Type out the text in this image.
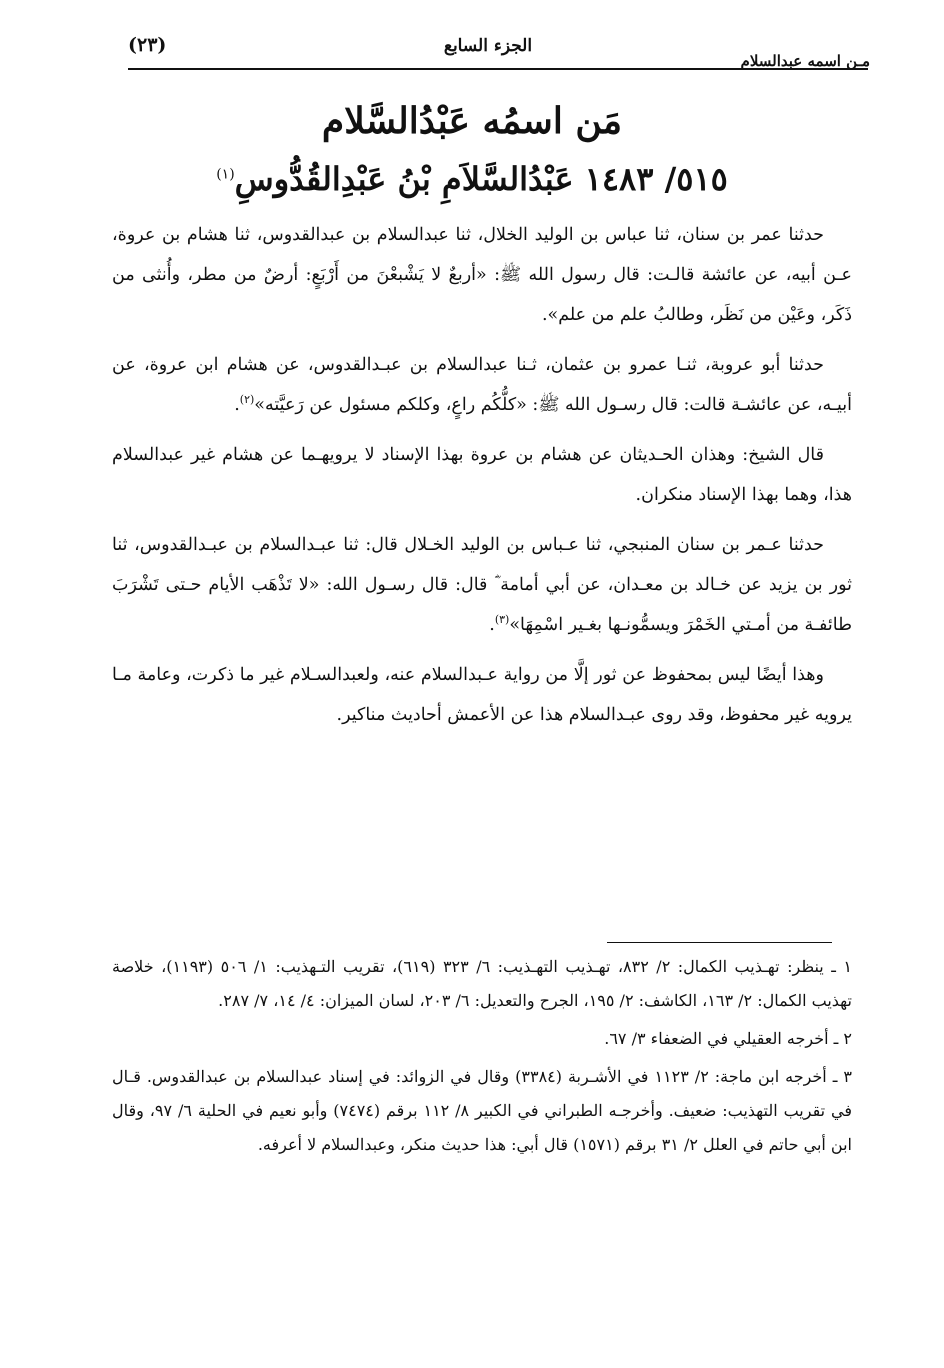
مـن اسمه عبدالسلام
الجزء السابع
(٢٣)
مَن اسمُه عَبْدُالسَّلام
٥١٥/ ١٤٨٣ عَبْدُالسَّلاَمِ بْنُ عَبْدِالقُدُّوسِ$^{(١)}$

حدثنا عمر بن سنان، ثنا عباس بن الوليد الخلال، ثنا عبدالسلام بن عبدالقدوس، ثنا هشام بن عروة، عـن أبيه، عن عائشة قالـت: قال رسول الله ﷺ: «أربعٌ لا يَشْبعْنَ من أَرْبَعٍ: أرضٌ من مطر، وأُنثى من ذَكَر، وعَيْن من نَظَر، وطالبُ علم من علم».

حدثنا أبو عروبة، ثنـا عمرو بن عثمان، ثـنا عبدالسلام بن عبـدالقدوس، عن هشام ابن عروة، عن أبيـه، عن عائشـة قالت: قال رسـول الله ﷺ: «كلُّكُم راعٍ، وكلكم مسئول عن رَعيَّته»$^{(٢)}$.

قال الشيخ: وهذان الحـديثان عن هشام بن عروة بهذا الإسناد لا يرويهـما عن هشام غير عبدالسلام هذا، وهما بهذا الإسناد منكران.

حدثنا عـمر بن سنان المنبجي، ثنا عـباس بن الوليد الخـلال قال: ثنا عبـدالسلام بن عبـدالقدوس، ثنا ثور بن يزيد عن خـالد بن معـدان، عن أبي أمامة ؓ قال: قال رسـول الله: «لا تَذْهَب الأيام حـتى تَشْرَبَ طائفـة من أمـتي الخَمْرَ ويسمُّونـها بغـير اسْمِهَا»$^{(٣)}$.

وهذا أيضًا ليس بمحفوظ عن ثور إلَّا من رواية عـبدالسلام عنه، ولعبدالسـلام غير ما ذكرت، وعامة مـا يرويه غير محفوظ، وقد روى عبـدالسلام هذا عن الأعمش أحاديث مناكير.

١ ـ ينظر: تهـذيب الكمال: ٢/ ٨٣٢، تهـذيب التهـذيب: ٦/ ٣٢٣ (٦١٩)، تقريب التـهذيب: ١/ ٥٠٦ (١١٩٣)، خلاصة تهذيب الكمال: ٢/ ١٦٣، الكاشف: ٢/ ١٩٥، الجرح والتعديل: ٦/ ٢٠٣، لسان الميزان: ٤/ ١٤، ٧/ ٢٨٧.
٢ ـ أخرجه العقيلي في الضعفاء ٣/ ٦٧.
٣ ـ أخرجه ابن ماجة: ٢/ ١١٢٣ في الأشـربة (٣٣٨٤) وقال في الزوائد: في إسناد عبدالسلام بن عبدالقدوس. قـال في تقريب التهذيب: ضعيف. وأخرجـه الطبراني في الكبير ٨/ ١١٢ برقم (٧٤٧٤) وأبو نعيم في الحلية ٦/ ٩٧، وقال ابن أبي حاتم في العلل ٢/ ٣١ برقم (١٥٧١) قال أبي: هذا حديث منكر، وعبدالسلام لا أعرفه.
